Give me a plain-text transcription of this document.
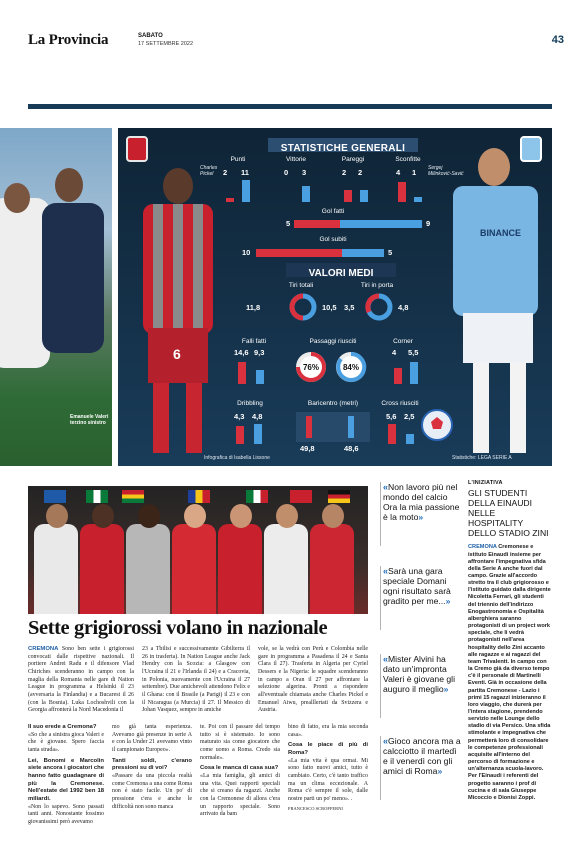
La Provincia	SABATO
17 SETTEMBRE 2022	43
Emanuele Valeri terzino sinistro
6
BINANCE
Charles Pickel
Sergej Milinković-Savić
STATISTICHE GENERALI
Punti	Vittorie	Pareggi	Sconfitte
2 11	0 3	2 2	4 1
Gol fatti
5	9
Gol subiti
10	5
VALORI MEDI
Tiri totali	Tiri in porta
11,8	10,5 3,5	4,8
Falli fatti
14,6 9,3
Passaggi riusciti
76%	84%
Corner
4 5,5
Dribbling
4,3 4,8
Baricentro (metri)
49,8	48,6
Cross riusciti
5,6 2,5
Infografica di Isabella Lissone	Statistiche: LEGA SERIE A
Sette grigiorossi volano in nazionale
CREMONA Sono ben sette i grigiorossi convocati dalle rispettive nazionali. Il portiere Andrei Radu e il difensore Vlad Chiriches scenderanno in campo con la maglia della Romania nelle gare di Nation League in programma a Helsinki il 23 (avversaria la Finlandia) e a Bucarest il 26 (con la Bosnia). Luka Lochoshvili con la Georgia affronterà la Nord Macedonia il
23 a Tbilisi e successivamente Gibilterra il 26 in trasferta). In Nation League anche Jack Hendry con la Scozia: a Glasgow con l'Ucraina il 21 e l'Irlanda il 24) e a Cracovia, in Polonia, nuovamente con l'Ucraina il 27 settembre). Due amichevoli attendono Felix e il Ghana: con il Brasile (a Parigi) il 23 e con il Nicaragua (a Murcia) il 27. Il Messico di Johan Vasquez, sempre in amiche
vole, se la vedrà con Perù e Colombia nelle gare in programma a Pasadena il 24 e Santa Clara il 27). Trasferta in Algeria per Cyriel Dessers e la Nigeria: le squadre scenderanno in campo a Oran il 27 per affrontare la selezione algerina. Pronti a rispondere all'eventuale chiamata anche Charles Pickel e Emanuel Aiwu, prealllertati da Svizzera e Austria.

Il suo erede a Cremona?

«So che a sinistra gioca Valeri e che è giovane. Spero faccia tanta strada».

Lei, Bonomi e Marcolin siete ancora i giocatori che hanno fatto guadagnare di più la Cremonese. Nell'estate del 1992 ben 18 miliardi.

«Non lo sapevo. Sono passati tanti anni. Nonostante fossimo giovanissimi però avevamo

mo già tanta esperienza. Avevamo già presenze in serie A e con la Under 21 avevamo vinto il campionato Europeo».

Tanti soldi, c'erano pressioni su di voi?

«Passare da una piccola realtà come Cremona a una come Roma non è stato facile. Un po' di pressione c'era e anche le difficoltà non sono manca

te. Poi con il passare del tempo tutto si è sistemato. Io sono maturato sia come giocatore che come uomo a Roma. Credo sia normale».

Cosa le manca di casa sua?

«La mia famiglia, gli amici di una vita. Quei rapporti speciali che si creano da ragazzi. Anche con la Cremonese di allora c'era un rapporto speciale. Sono arrivato da bam

bino di fatto, era la mia seconda casa».

Cosa le piace di più di Roma?

«La mia vita è qua ormai. Mi sono fatto nuovi amici, tutto è cambiato. Certo, c'è tanto traffico ma un clima eccezionale. A Roma c'è sempre il sole, dalle nostre parti un po' meno». .

FRANCESCO SCROFFERNI

«Non lavoro più nel mondo del calcio Ora la mia passione è la moto»
«Sarà una gara speciale Domani ogni risultato sarà gradito per me...»
«Mister Alvini ha dato un'impronta Valeri è giovane gli auguro il meglio»
«Gioco ancora ma a calcciotto il martedì e il venerdì con gli amici di Roma»
L'INIZIATIVA
GLI STUDENTI DELLA EINAUDI NELLE HOSPITALITY DELLO STADIO ZINI
CREMONA Cremonese e istituto Einaudi insieme per affrontare l'impegnativa sfida della Serie A anche fuori dal campo. Grazie all'accordo stretto tra il club grigiorosso e l'istituto guidato dalla dirigente Nicoletta Ferrari, gli studenti del triennio dell'indirizzo Enogastronomia e Ospitalità alberghiera saranno protagonisti di un project work speciale, che li vedrà protagonisti nell'area hospitality dello Zini accanto alle ragazze e ai ragazzi del team Trivalentt. In campo con la Cremo già da diverso tempo c'è il personale di Martinelli Eventi. Già in occasione della partita Cremonese - Lazio i primi 15 ragazzi inizieranno il loro viaggio, che durerà per l'intera stagione, prendendo servizio nelle Lounge dello stadio di via Persico. Una sfida stimolante e impegnativa che permetterà loro di consolidare le competenze professionali acquisite all'interno del percorso di formazione e un'alternanza scuola-lavoro. Per l'Einaudi i referenti del progetto saranno i prof di cucina e di sala Giuseppe Micoccio e Dionisi Zoppi.
